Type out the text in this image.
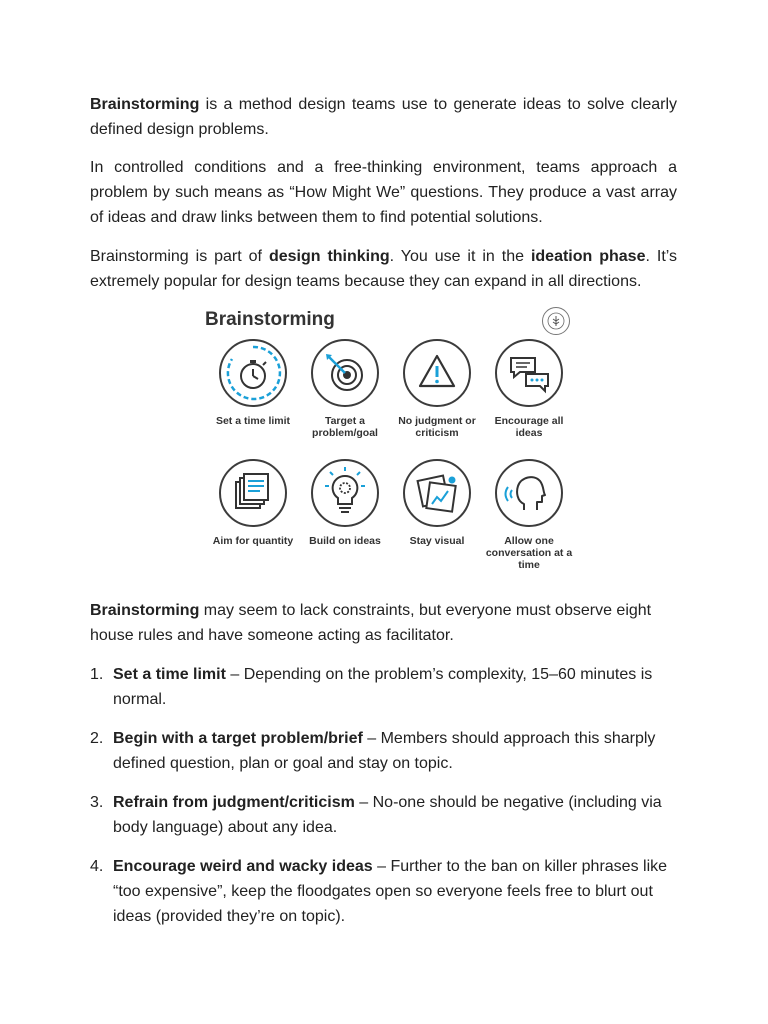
Brainstorming is a method design teams use to generate ideas to solve clearly defined design problems.

In controlled conditions and a free-thinking environment, teams approach a problem by such means as “How Might We” questions. They produce a vast array of ideas and draw links between them to find potential solutions.

Brainstorming is part of design thinking. You use it in the ideation phase. It’s extremely popular for design teams because they can expand in all directions.

Brainstorming
Set a time limit	Target a problem/goal
No judgment or criticism
Encourage all ideas
Aim for quantity	Build on ideas	Stay visual	Allow one conversation at a time

Brainstorming may seem to lack constraints, but everyone must observe eight house rules and have someone acting as facilitator.

1. Set a time limit – Depending on the problem’s complexity, 15–60 minutes is normal.
2. Begin with a target problem/brief – Members should approach this sharply defined question, plan or goal and stay on topic.
3. Refrain from judgment/criticism – No-one should be negative (including via body language) about any idea.
4. Encourage weird and wacky ideas – Further to the ban on killer phrases like “too expensive”, keep the floodgates open so everyone feels free to blurt out ideas (provided they’re on topic).
